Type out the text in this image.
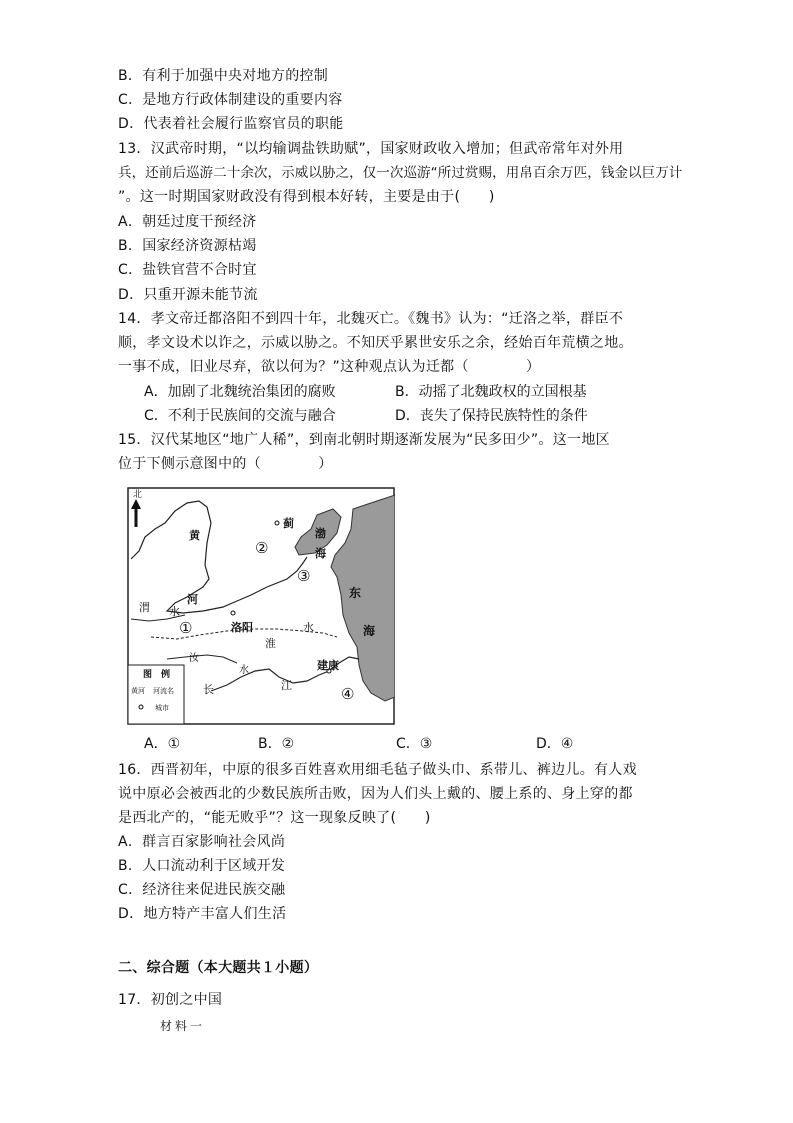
B．有利于加强中央对地方的控制
C．是地方行政体制建设的重要内容
D．代表着社会履行监察官员的职能
13．汉武帝时期，“以均输调盐铁助赋”，国家财政收入增加；但武帝常年对外用
兵，还前后巡游二十余次，示威以胁之，仅一次巡游“所过赏赐，用帛百余万匹，钱金以巨万计
”。这一时期国家财政没有得到根本好转，主要是由于(　　)
A．朝廷过度干预经济
B．国家经济资源枯竭
C．盐铁官营不合时宜
D．只重开源未能节流
14．孝文帝迁都洛阳不到四十年，北魏灭亡。《魏书》认为：“迁洛之举，群臣不
顺，孝文设术以诈之，示威以胁之。不知厌乎累世安乐之余，经始百年荒横之地。
一事不成，旧业尽弃，欲以何为？”这种观点认为迁都（　　　　）
A．加剧了北魏统治集团的腐败	B．动摇了北魏政权的立国根基
C．不利于民族间的交流与融合	D．丧失了保持民族特性的条件
15．汉代某地区“地广人稀”，到南北朝时期逐渐发展为“民多田少”。这一地区
位于下侧示意图中的（　　　　）
北
黄
河
蓟
渤
海
东
海
渭 水
洛阳
淮
水
汝
水	建康
长	江
①
②
③
④
图　例
黄河 河流名
城市
A．①	B．②	C．③	D．④
16．西晋初年，中原的很多百姓喜欢用细毛毡子做头巾、系带儿、裤边儿。有人戏
说中原必会被西北的少数民族所击败，因为人们头上戴的、腰上系的、身上穿的都
是西北产的，“能无败乎”？这一现象反映了(　　)
A．群言百家影响社会风尚
B．人口流动利于区域开发
C．经济往来促进民族交融
D．地方特产丰富人们生活
二、综合题（本大题共１小题）
17．初创之中国
材料一
